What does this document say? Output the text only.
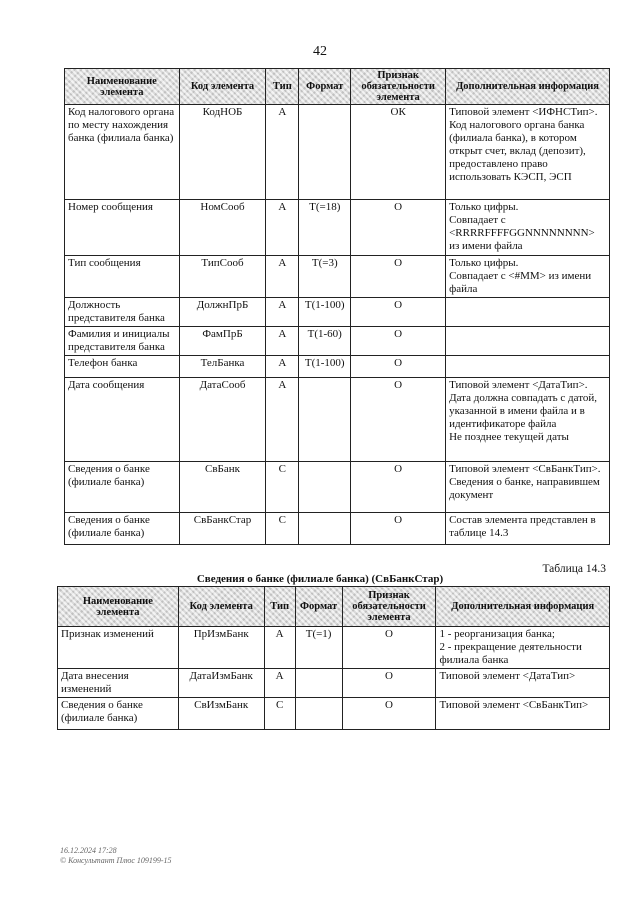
42
Наименование элемента	Код элемента	Тип	Формат	Признак обязательности элемента	Дополнительная информация
Код налогового органа по месту нахождения банка (филиала банка)	КодНОБ	А		ОК	Типовой элемент <ИФНСТип>.
Код налогового органа банка (филиала банка), в котором открыт счет, вклад (депозит), предоставлено право использовать КЭСП, ЭСП

Номер сообщения	НомСооб	А	T(=18)	О	Только цифры.
Совпадает с <RRRRFFFFGGNNNNNNNN> из имени файла

Тип сообщения	ТипСооб	А	T(=3)	О	Только цифры.
Совпадает с <#MM> из имени файла

Должность представителя банка	ДолжнПрБ	А	T(1-100)	О	
Фамилия и инициалы представителя банка	ФамПрБ	А	T(1-60)	О	
Телефон банка	ТелБанка	А	T(1-100)	О	
Дата сообщения	ДатаСооб	А		О	Типовой элемент <ДатаТип>.
Дата должна совпадать с датой, указанной в имени файла и в идентификаторе файла
Не позднее текущей даты

Сведения о банке (филиале банка)	СвБанк	С		О	Типовой элемент <СвБанкТип>.
Сведения о банке, направившем документ

Сведения о банке (филиале банка)	СвБанкСтар	С		О	Состав элемента представлен в таблице 14.3
Таблица 14.3
Сведения о банке (филиале банка) (СвБанкСтар)
Наименование элемента	Код элемента	Тип	Формат	Признак обязательности элемента	Дополнительная информация
Признак изменений	ПрИзмБанк	А	T(=1)	О	1 - реорганизация банка;
2 - прекращение деятельности филиала банка

Дата внесения изменений	ДатаИзмБанк	А		О	Типовой элемент <ДатаТип>

Сведения о банке (филиале банка)	СвИзмБанк	С		О	Типовой элемент <СвБанкТип>
16.12.2024 17:28
© Консультант Плюс 109199-15
